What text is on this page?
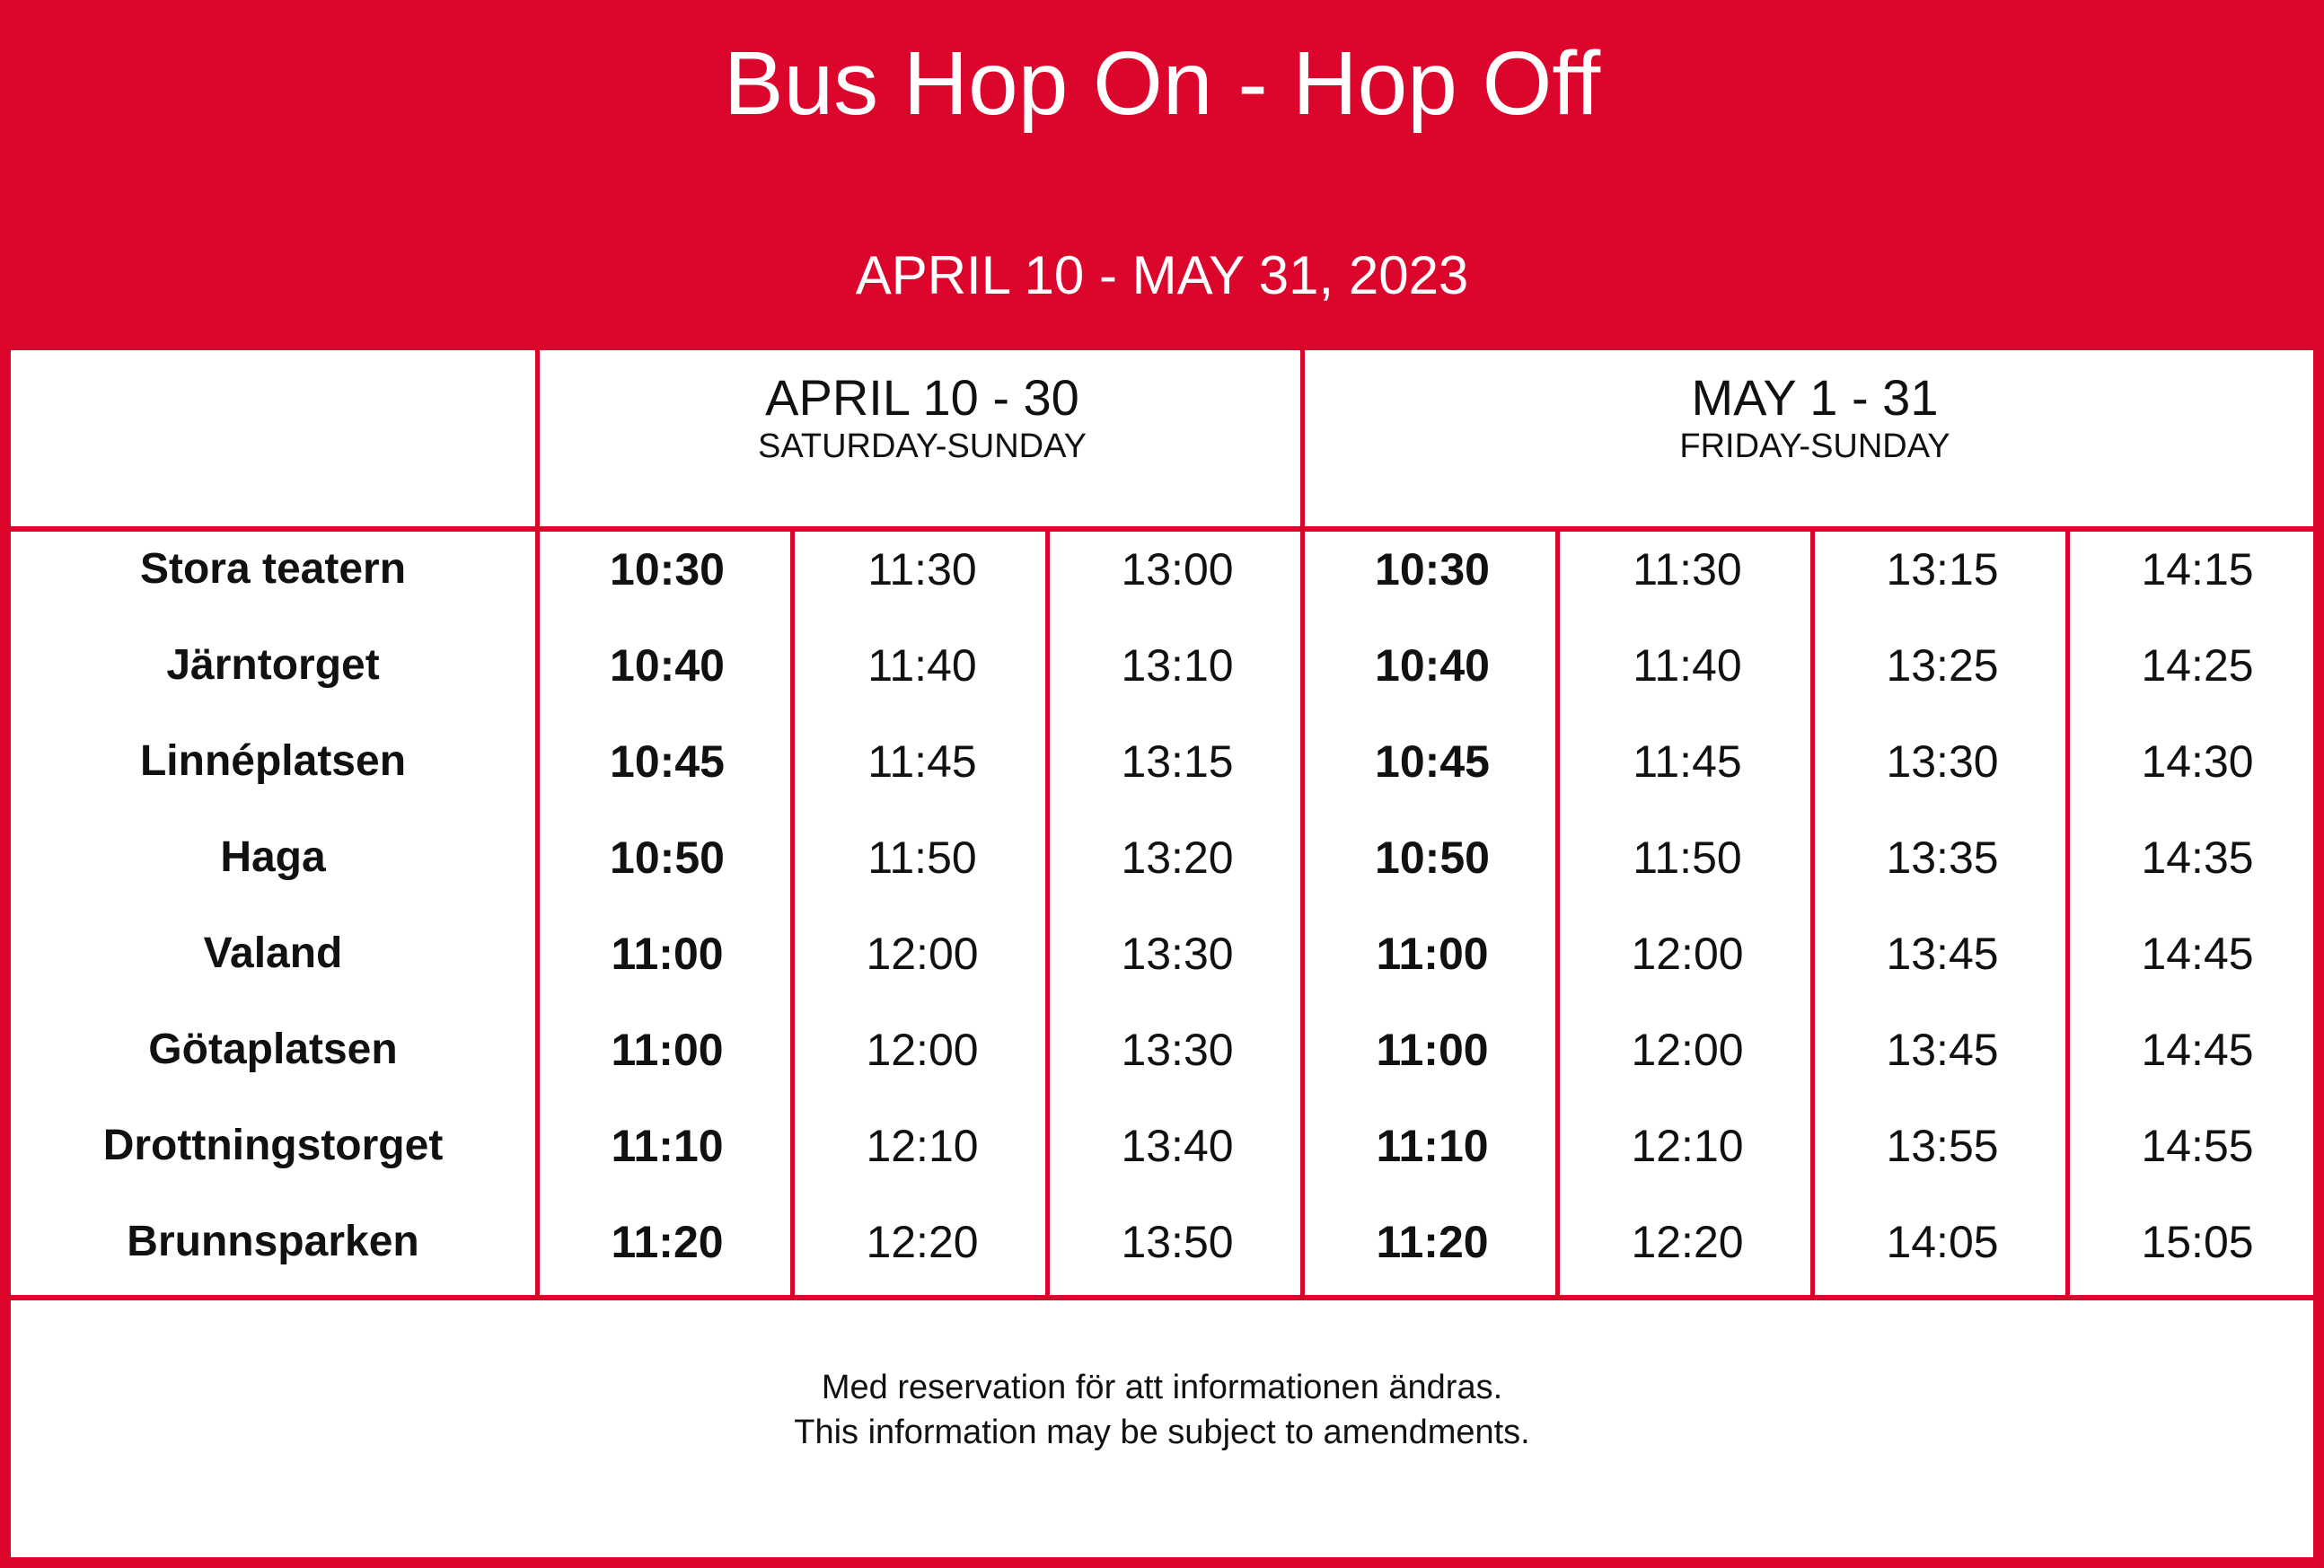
Bus Hop On - Hop Off
APRIL 10 - MAY 31, 2023
APRIL 10 - 30
SATURDAY-SUNDAY
MAY 1 - 31
FRIDAY-SUNDAY
Stora teatern	10:30	11:30	13:00	10:30	11:30	13:15	14:15
Järntorget	10:40	11:40	13:10	10:40	11:40	13:25	14:25
Linnéplatsen	10:45	11:45	13:15	10:45	11:45	13:30	14:30
Haga	10:50	11:50	13:20	10:50	11:50	13:35	14:35
Valand	11:00	12:00	13:30	11:00	12:00	13:45	14:45
Götaplatsen	11:00	12:00	13:30	11:00	12:00	13:45	14:45
Drottningstorget	11:10	12:10	13:40	11:10	12:10	13:55	14:55
Brunnsparken	11:20	12:20	13:50	11:20	12:20	14:05	15:05
Med reservation för att informationen ändras.
This information may be subject to amendments.
